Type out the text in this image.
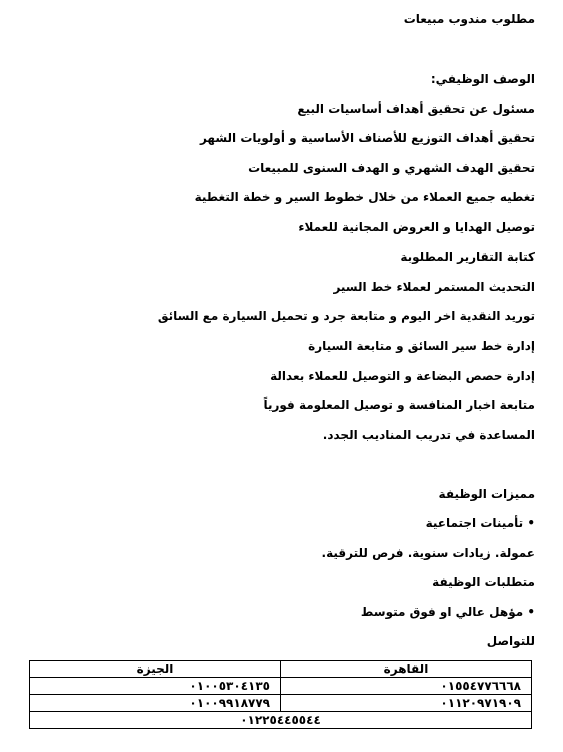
مطلوب مندوب مبيعات
الوصف الوظيفي:
مسئول عن تحقيق أهداف أساسيات البيع
تحقيق أهداف التوزيع للأصناف الأساسية و أولويات الشهر
تحقيق الهدف الشهري و الهدف السنوى للمبيعات
تغطيه جميع العملاء من خلال خطوط السير و خطة التغطية
توصيل الهدايا و العروض المجانية للعملاء
كتابة التقارير المطلوبة
التحديث المستمر لعملاء خط السير
توريد النقدية اخر اليوم و متابعة جرد و تحميل السيارة مع السائق
إدارة خط سير السائق و متابعة السيارة
إدارة حصص البضاعة و التوصيل للعملاء بعدالة
متابعة اخبار المنافسة و توصيل المعلومة فورياً
المساعدة في تدريب المناديب الجدد.
مميزات الوظيفة
• تأمينات اجتماعية
عمولة. زيادات سنوية. فرص للترقية.
متطلبات الوظيفة
• مؤهل عالي او فوق متوسط
للتواصل
القاهرة	الجيزة
٠١٥٥٤٧٧٦٦٦٨	٠١٠٠٥٣٠٤١٣٥
٠١١٢٠٩٧١٩٠٩	٠١٠٠٩٩١٨٧٧٩
٠١٢٢٥٤٤٥٥٤٤	
